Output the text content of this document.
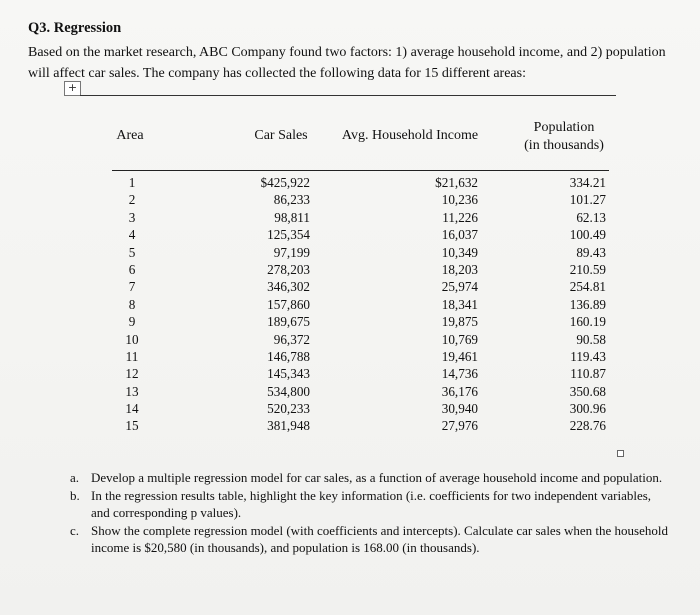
Q3. Regression
Based on the market research, ABC Company found two factors: 1) average household income, and 2) population will affect car sales. The company has collected the following data for 15 different areas:
+
Area	Car Sales	Avg. Household Income
Population
(in thousands)
1
2
3
4
5
6
7
8
9
10
11
12
13
14
15
$425,922
86,233
98,811
125,354
97,199
278,203
346,302
157,860
189,675
96,372
146,788
145,343
534,800
520,233
381,948
$21,632
10,236
11,226
16,037
10,349
18,203
25,974
18,341
19,875
10,769
19,461
14,736
36,176
30,940
27,976
334.21
101.27
62.13
100.49
89.43
210.59
254.81
136.89
160.19
90.58
119.43
110.87
350.68
300.96
228.76
a. Develop a multiple regression model for car sales, as a function of average household income and population.
b. In the regression results table, highlight the key information (i.e. coefficients for two independent variables, and corresponding p values).
c. Show the complete regression model (with coefficients and intercepts). Calculate car sales when the household income is $20,580 (in thousands), and population is 168.00 (in thousands).
